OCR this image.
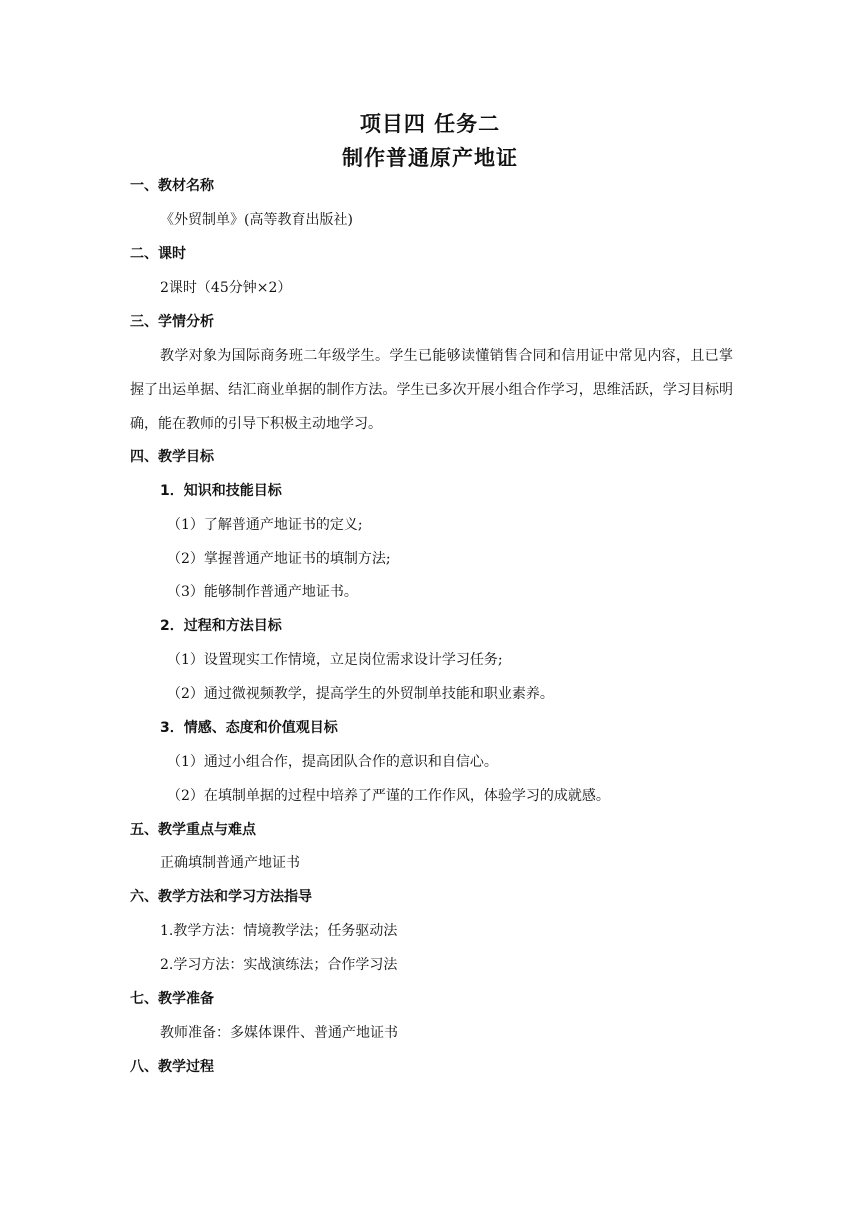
项目四 任务二
制作普通原产地证
一、教材名称
《外贸制单》(高等教育出版社)
二、课时
2课时（45分钟×2）
三、学情分析
教学对象为国际商务班二年级学生。学生已能够读懂销售合同和信用证中常见内容，且已掌握了出运单据、结汇商业单据的制作方法。学生已多次开展小组合作学习，思维活跃，学习目标明确，能在教师的引导下积极主动地学习。
四、教学目标
1．知识和技能目标
（1）了解普通产地证书的定义;
（2）掌握普通产地证书的填制方法;
（3）能够制作普通产地证书。
2．过程和方法目标
（1）设置现实工作情境，立足岗位需求设计学习任务;
（2）通过微视频教学，提高学生的外贸制单技能和职业素养。
3．情感、态度和价值观目标
（1）通过小组合作，提高团队合作的意识和自信心。
（2）在填制单据的过程中培养了严谨的工作作风，体验学习的成就感。
五、教学重点与难点
正确填制普通产地证书
六、教学方法和学习方法指导
1.教学方法：情境教学法；任务驱动法
2.学习方法：实战演练法；合作学习法
七、教学准备
教师准备：多媒体课件、普通产地证书
八、教学过程
